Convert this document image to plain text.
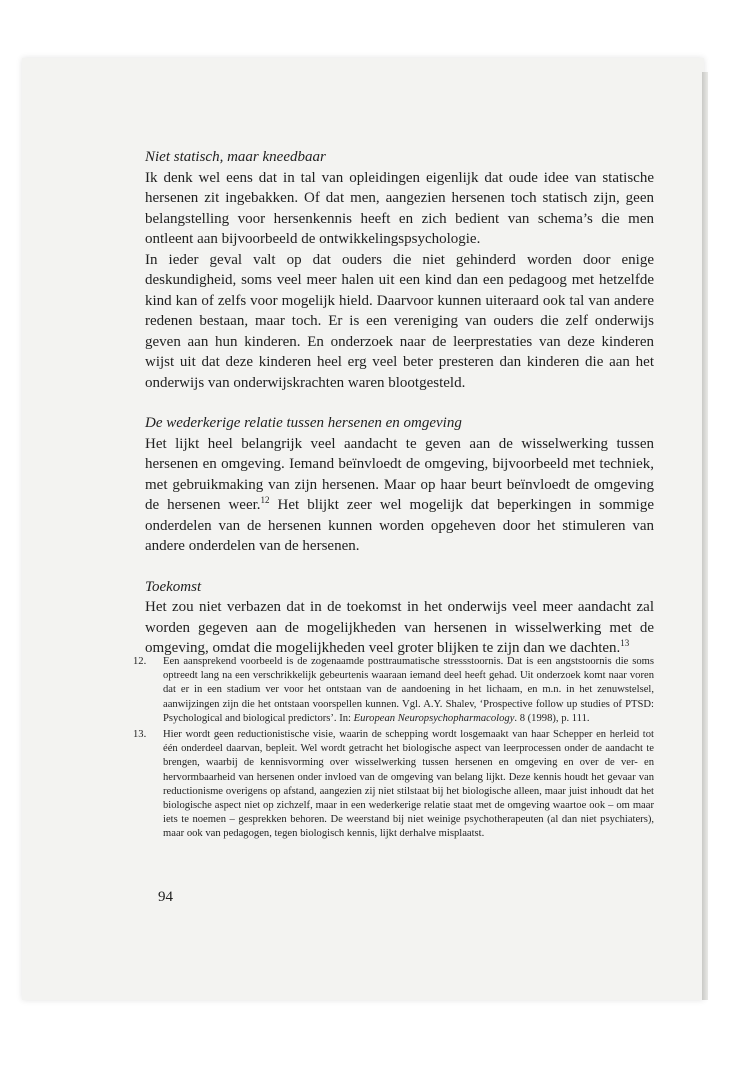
Niet statisch, maar kneedbaar

Ik denk wel eens dat in tal van opleidingen eigenlijk dat oude idee van statische hersenen zit ingebakken. Of dat men, aangezien hersenen toch statisch zijn, geen belangstelling voor hersenkennis heeft en zich bedient van schema’s die men ontleent aan bijvoorbeeld de ontwikkelingspsychologie.

In ieder geval valt op dat ouders die niet gehinderd worden door enige deskundigheid, soms veel meer halen uit een kind dan een pedagoog met hetzelfde kind kan of zelfs voor mogelijk hield. Daarvoor kunnen uiteraard ook tal van andere redenen bestaan, maar toch. Er is een vereniging van ouders die zelf onderwijs geven aan hun kinderen. En onderzoek naar de leerprestaties van deze kinderen wijst uit dat deze kinderen heel erg veel beter presteren dan kinderen die aan het onderwijs van onderwijskrachten waren blootgesteld.

De wederkerige relatie tussen hersenen en omgeving

Het lijkt heel belangrijk veel aandacht te geven aan de wisselwerking tussen hersenen en omgeving. Iemand beïnvloedt de omgeving, bijvoorbeeld met techniek, met gebruikmaking van zijn hersenen. Maar op haar beurt beïnvloedt de omgeving de hersenen weer.$^{12}$ Het blijkt zeer wel mogelijk dat beperkingen in sommige onderdelen van de hersenen kunnen worden opgeheven door het stimuleren van andere onderdelen van de hersenen.

Toekomst

Het zou niet verbazen dat in de toekomst in het onderwijs veel meer aandacht zal worden gegeven aan de mogelijkheden van hersenen in wisselwerking met de omgeving, omdat die mogelijkheden veel groter blijken te zijn dan we dachten.$^{13}$

12.	Een aansprekend voorbeeld is de zogenaamde posttraumatische stressstoornis. Dat is een angststoornis die soms optreedt lang na een verschrikkelijk gebeurtenis waaraan iemand deel heeft gehad. Uit onderzoek komt naar voren dat er in een stadium ver voor het ontstaan van de aandoening in het lichaam, en m.n. in het zenuwstelsel, aanwijzingen zijn die het ontstaan voorspellen kunnen. Vgl. A.Y. Shalev, ‘Prospective follow up studies of PTSD: Psychological and biological predictors’. In: European Neuropsychopharmacology. 8 (1998), p. 111.
13.	Hier wordt geen reductionistische visie, waarin de schepping wordt losgemaakt van haar Schepper en herleid tot één onderdeel daarvan, bepleit. Wel wordt getracht het biologische aspect van leerprocessen onder de aandacht te brengen, waarbij de kennisvorming over wisselwerking tussen hersenen en omgeving en over de ver- en hervormbaarheid van hersenen onder invloed van de omgeving van belang lijkt. Deze kennis houdt het gevaar van reductionisme overigens op afstand, aangezien zij niet stilstaat bij het biologische alleen, maar juist inhoudt dat het biologische aspect niet op zichzelf, maar in een wederkerige relatie staat met de omgeving waartoe ook – om maar iets te noemen – gesprekken behoren. De weerstand bij niet weinige psychotherapeuten (al dan niet psychiaters), maar ook van pedagogen, tegen biologisch kennis, lijkt derhalve misplaatst.
94
